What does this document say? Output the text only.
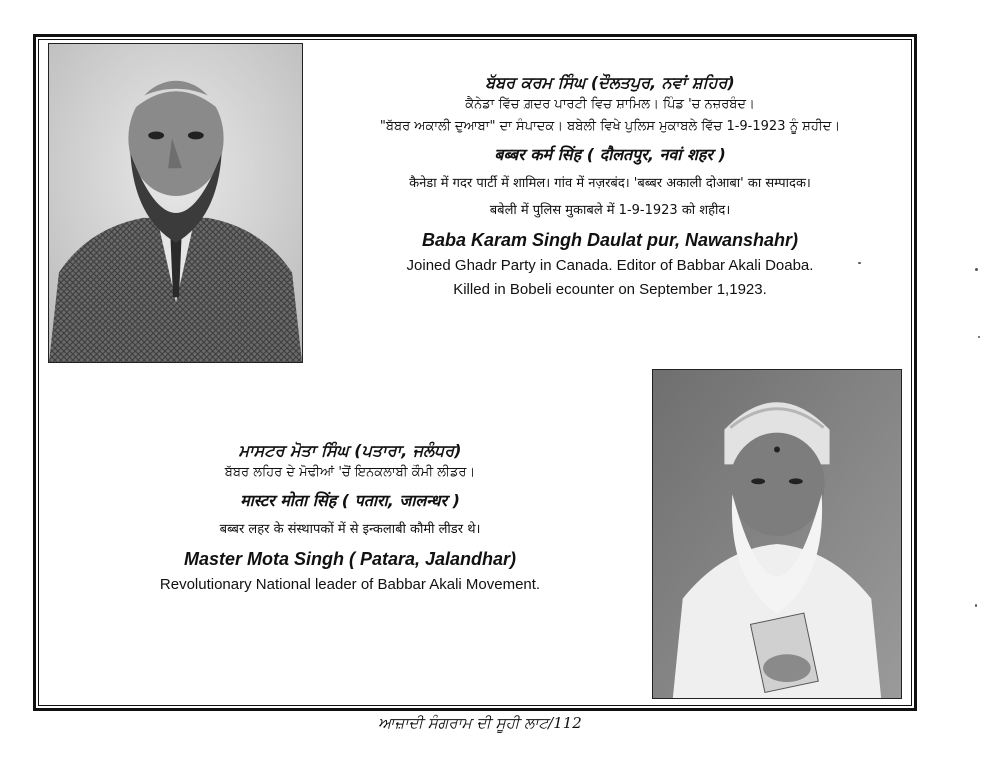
ਬੱਬਰ ਕਰਮ ਸਿੰਘ (ਦੌਲਤਪੁਰ, ਨਵਾਂ ਸ਼ਹਿਰ)
ਕੈਨੇਡਾ ਵਿੱਚ ਗ਼ਦਰ ਪਾਰਟੀ ਵਿਚ ਸ਼ਾਮਿਲ। ਪਿੰਡ 'ਚ ਨਜ਼ਰਬੰਦ।
"ਬੱਬਰ ਅਕਾਲੀ ਦੁਆਬਾ" ਦਾ ਸੰਪਾਦਕ। ਬਬੇਲੀ ਵਿਖੇ ਪੁਲਿਸ ਮੁਕਾਬਲੇ ਵਿੱਚ 1-9-1923 ਨੂੰ ਸ਼ਹੀਦ।
बब्बर कर्म सिंह ( दौलतपुर, नवां शहर )
कैनेडा में गदर पार्टी में शामिल। गांव में नज़रबंद। 'बब्बर अकाली दोआबा' का सम्पादक।
बबेली में पुलिस मुकाबले में 1-9-1923 को शहीद।
Baba Karam Singh Daulat pur, Nawanshahr)
Joined Ghadr Party in Canada. Editor of Babbar Akali Doaba.
Killed in Bobeli ecounter on September 1,1923.
ਮਾਸਟਰ ਮੋਤਾ ਸਿੰਘ (ਪਤਾਰਾ, ਜਲੰਧਰ)
ਬੱਬਰ ਲਹਿਰ ਦੇ ਮੋਢੀਆਂ 'ਚੋਂ ਇਨਕਲਾਬੀ ਕੌਮੀ ਲੀਡਰ।
मास्टर मोता सिंह ( पतारा, जालन्धर )
बब्बर लहर के संस्थापकों में से इन्कलाबी कौमी लीडर थे।
Master Mota Singh ( Patara, Jalandhar)
Revolutionary National leader of Babbar Akali Movement.
ਆਜ਼ਾਦੀ ਸੰਗਰਾਮ ਦੀ ਸੂਹੀ ਲਾਟ/112
